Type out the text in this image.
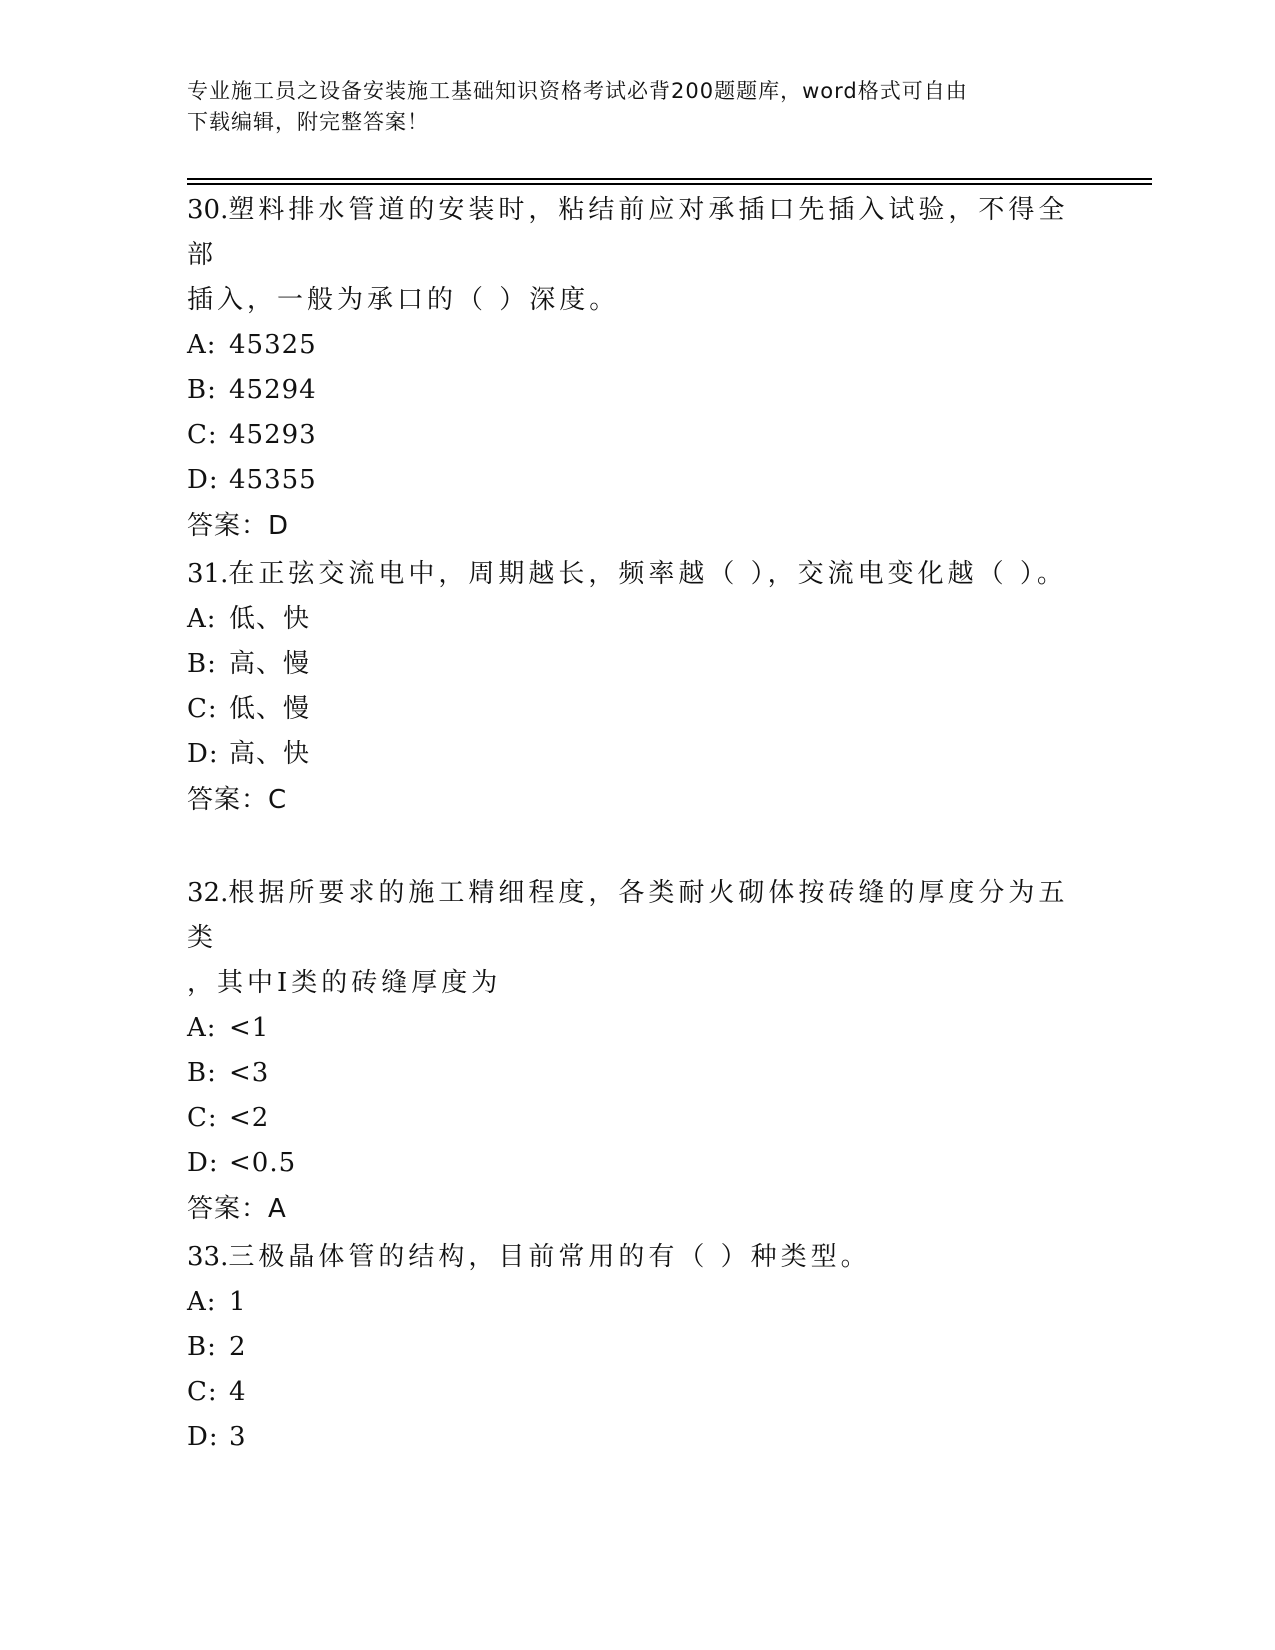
专业施工员之设备安装施工基础知识资格考试必背200题题库，word格式可自由
下载编辑，附完整答案！
30.塑料排水管道的安装时，粘结前应对承插口先插入试验，不得全部
插入，一般为承口的（ ）深度。
A: 45325
B: 45294
C: 45293
D: 45355
答案：D
31.在正弦交流电中，周期越长，频率越（ ），交流电变化越（ ）。
A: 低、快
B: 高、慢
C: 低、慢
D: 高、快
答案：C
32.根据所要求的施工精细程度，各类耐火砌体按砖缝的厚度分为五类
，其中Ⅰ类的砖缝厚度为
A: <1
B: <3
C: <2
D: <0.5
答案：A
33.三极晶体管的结构，目前常用的有（ ）种类型。
A: 1
B: 2
C: 4
D: 3
